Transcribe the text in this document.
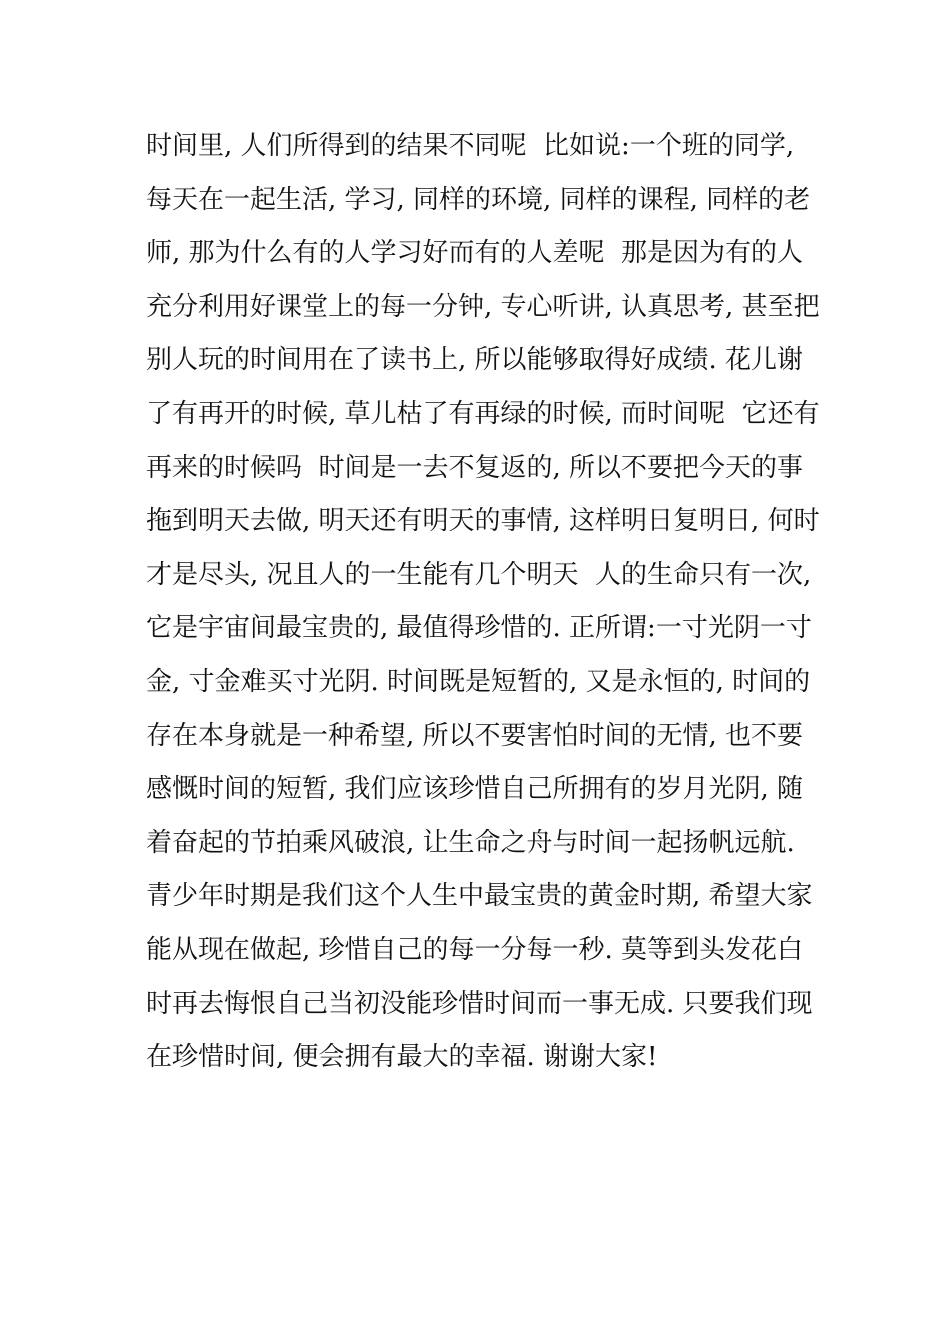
时间里, 人们所得到的结果不同呢  比如说:一个班的同学,
每天在一起生活, 学习, 同样的环境, 同样的课程, 同样的老
师, 那为什么有的人学习好而有的人差呢  那是因为有的人
充分利用好课堂上的每一分钟, 专心听讲, 认真思考, 甚至把
别人玩的时间用在了读书上, 所以能够取得好成绩. 花儿谢
了有再开的时候, 草儿枯了有再绿的时候, 而时间呢  它还有
再来的时候吗  时间是一去不复返的, 所以不要把今天的事
拖到明天去做, 明天还有明天的事情, 这样明日复明日, 何时
才是尽头, 况且人的一生能有几个明天  人的生命只有一次,
它是宇宙间最宝贵的, 最值得珍惜的. 正所谓:一寸光阴一寸
金, 寸金难买寸光阴. 时间既是短暂的, 又是永恒的, 时间的
存在本身就是一种希望, 所以不要害怕时间的无情, 也不要
感慨时间的短暂, 我们应该珍惜自己所拥有的岁月光阴, 随
着奋起的节拍乘风破浪, 让生命之舟与时间一起扬帆远航.
青少年时期是我们这个人生中最宝贵的黄金时期, 希望大家
能从现在做起, 珍惜自己的每一分每一秒. 莫等到头发花白
时再去悔恨自己当初没能珍惜时间而一事无成. 只要我们现
在珍惜时间, 便会拥有最大的幸福. 谢谢大家!
